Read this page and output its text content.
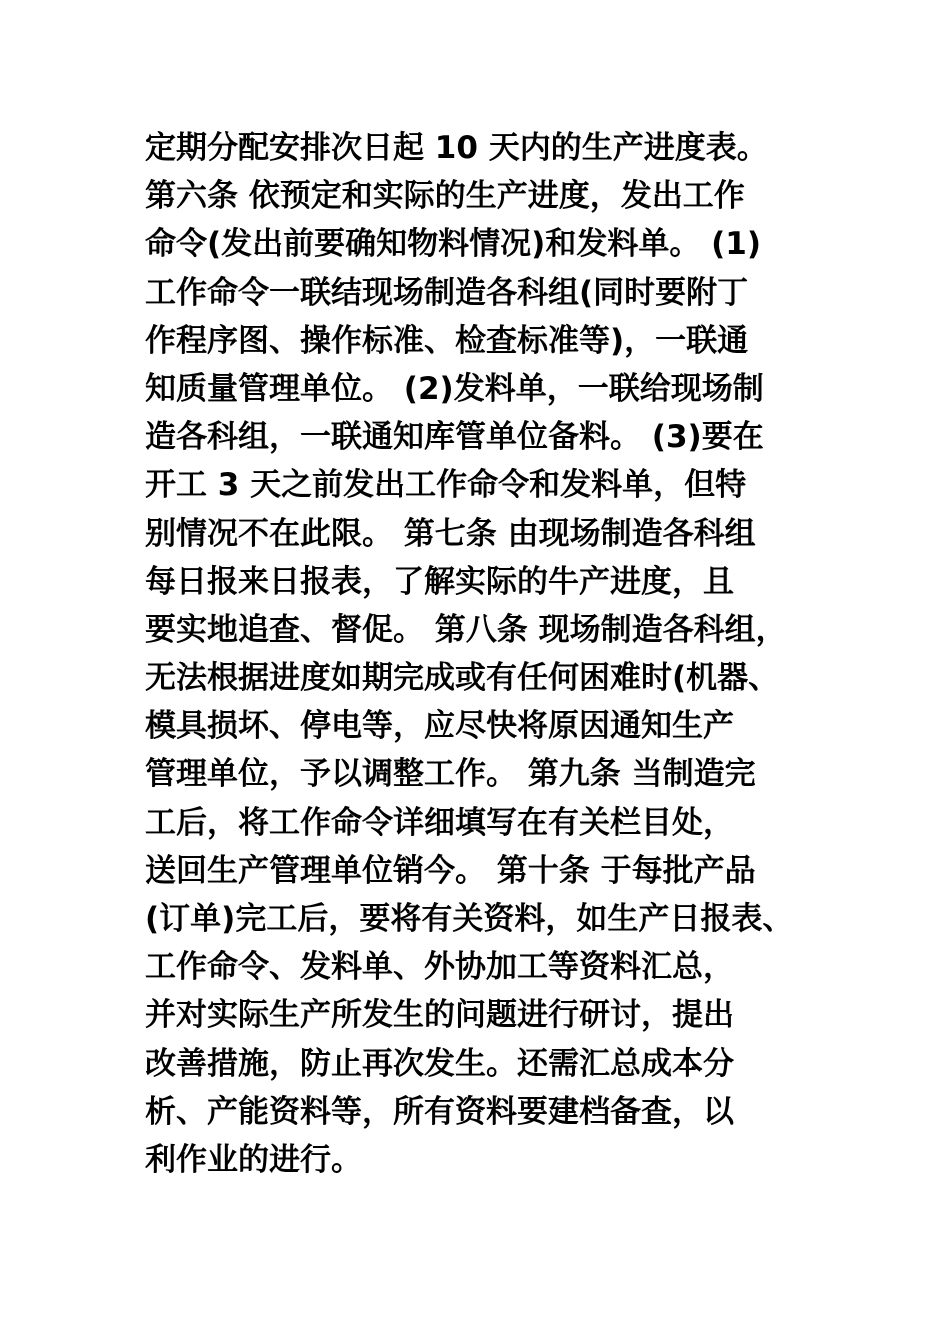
定期分配安排次日起 10 天内的生产进度表。
第六条 依预定和实际的生产进度，发出工作
命令(发出前要确知物料情况)和发料单。 (1)
工作命令一联结现场制造各科组(同时要附丁
作程序图、操作标准、检查标准等)，一联通
知质量管理单位。 (2)发料单，一联给现场制
造各科组，一联通知库管单位备料。 (3)要在
开工 3 天之前发出工作命令和发料单，但特
别情况不在此限。 第七条 由现场制造各科组
每日报来日报表，了解实际的牛产进度，且
要实地追查、督促。 第八条 现场制造各科组，
无法根据进度如期完成或有任何困难时(机器、
模具损坏、停电等，应尽快将原因通知生产
管理单位，予以调整工作。 第九条 当制造完
工后，将工作命令详细填写在有关栏目处，
送回生产管理单位销今。 第十条 于每批产品
(订单)完工后，要将有关资料，如生产日报表、
工作命令、发料单、外协加工等资料汇总，
并对实际生产所发生的问题进行研讨，提出
改善措施，防止再次发生。还需汇总成本分
析、产能资料等，所有资料要建档备查，以
利作业的进行。
